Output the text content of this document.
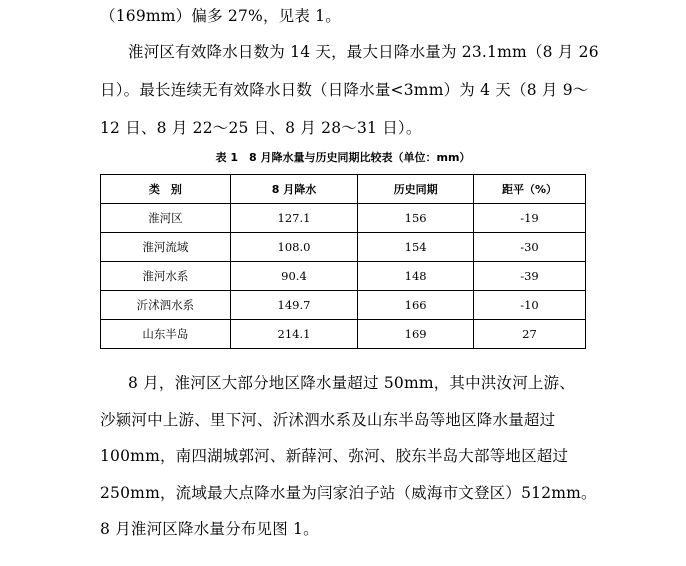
（169mm）偏多 27%，见表 1。
淮河区有效降水日数为 14 天，最大日降水量为 23.1mm（8 月 26
日）。最长连续无有效降水日数（日降水量<3mm）为 4 天（8 月 9～
12 日、8 月 22～25 日、8 月 28～31 日）。
表 1　8 月降水量与历史同期比较表（单位：mm）
类　别	8 月降水	历史同期	距平（%）
淮河区	127.1	156	-19
淮河流域	108.0	154	-30
淮河水系	90.4	148	-39
沂沭泗水系	149.7	166	-10
山东半岛	214.1	169	27
8 月，淮河区大部分地区降水量超过 50mm，其中洪汝河上游、
沙颍河中上游、里下河、沂沭泗水系及山东半岛等地区降水量超过
100mm，南四湖城郭河、新薛河、弥河、胶东半岛大部等地区超过
250mm，流域最大点降水量为闫家泊子站（威海市文登区）512mm。
8 月淮河区降水量分布见图 1。
